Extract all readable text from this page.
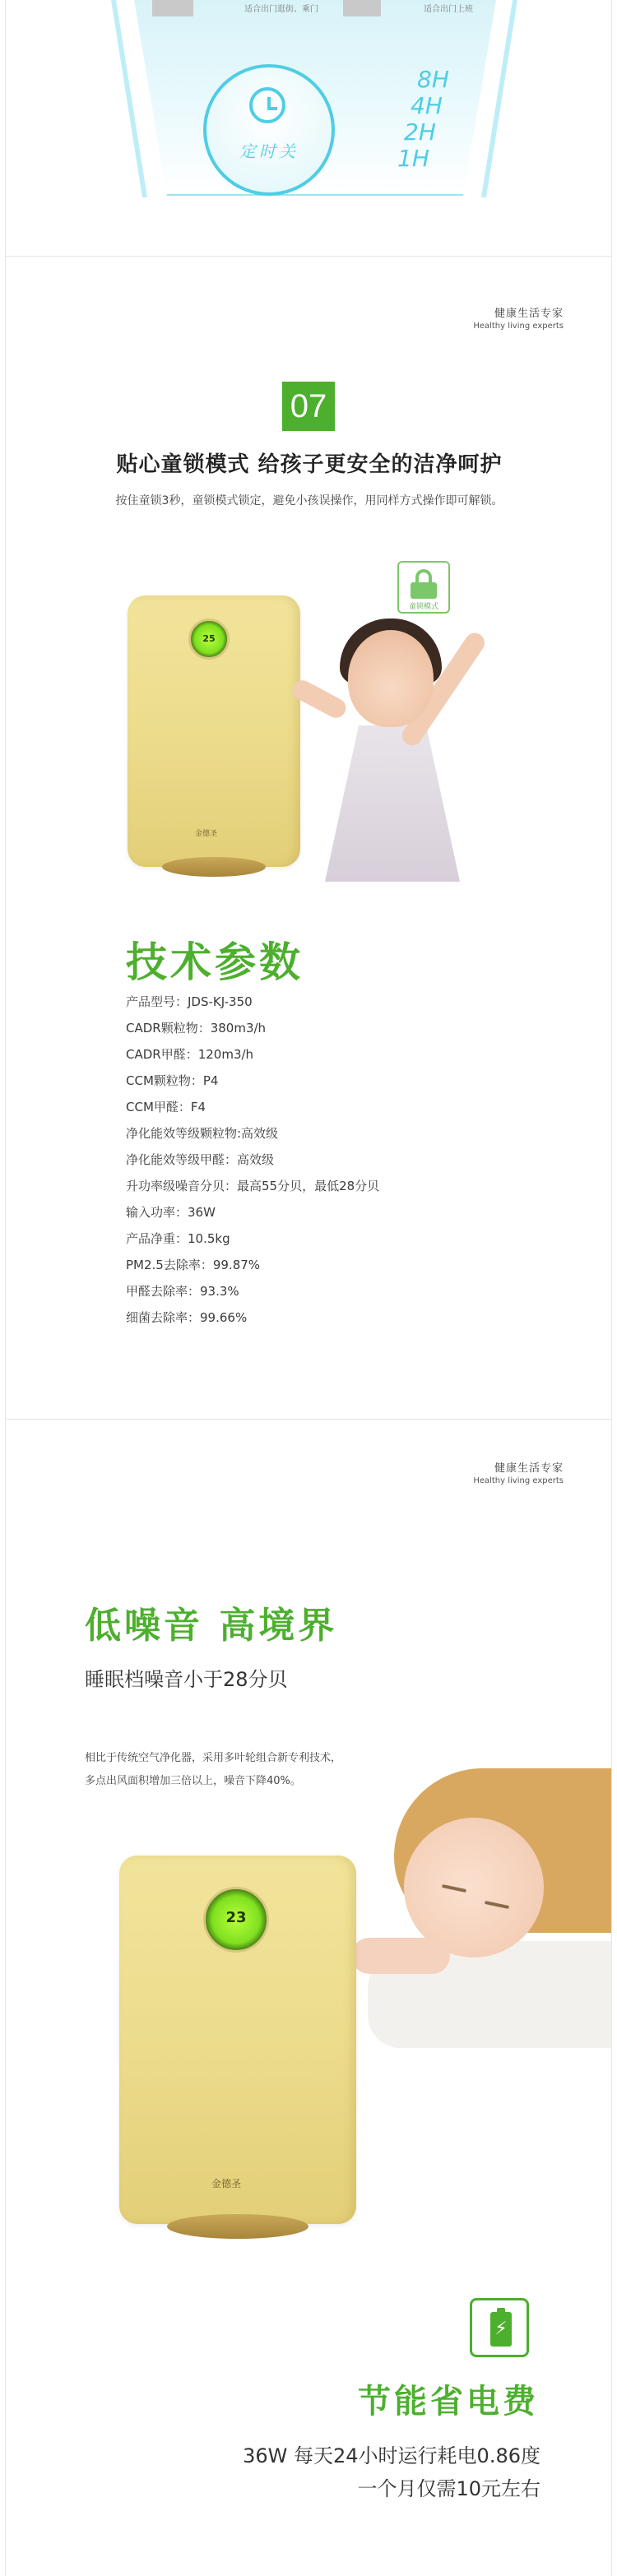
适合出门逛街、乘门	适合出门上班
定时关
8H
4H
2H
1H
健康生活专家
Healthy living experts
07
贴心童锁模式 给孩子更安全的洁净呵护

按住童锁3秒，童锁模式锁定，避免小孩误操作，用同样方式操作即可解锁。

童锁模式
25
金德圣
技术参数
产品型号：JDS-KJ-350
CADR颗粒物：380m3/h
CADR甲醛：120m3/h
CCM颗粒物：P4
CCM甲醛：F4
净化能效等级颗粒物:高效级
净化能效等级甲醛：高效级
升功率级噪音分贝：最高55分贝，最低28分贝
输入功率：36W
产品净重：10.5kg
PM2.5去除率：99.87%
甲醛去除率：93.3%
细菌去除率：99.66%
健康生活专家
Healthy living experts
低噪音 高境界

睡眠档噪音小于28分贝

相比于传统空气净化器，采用多叶轮组合新专利技术，
多点出风面积增加三倍以上，噪音下降40%。
23
金德圣
⚡
节能省电费

36W 每天24小时运行耗电0.86度

一个月仅需10元左右
